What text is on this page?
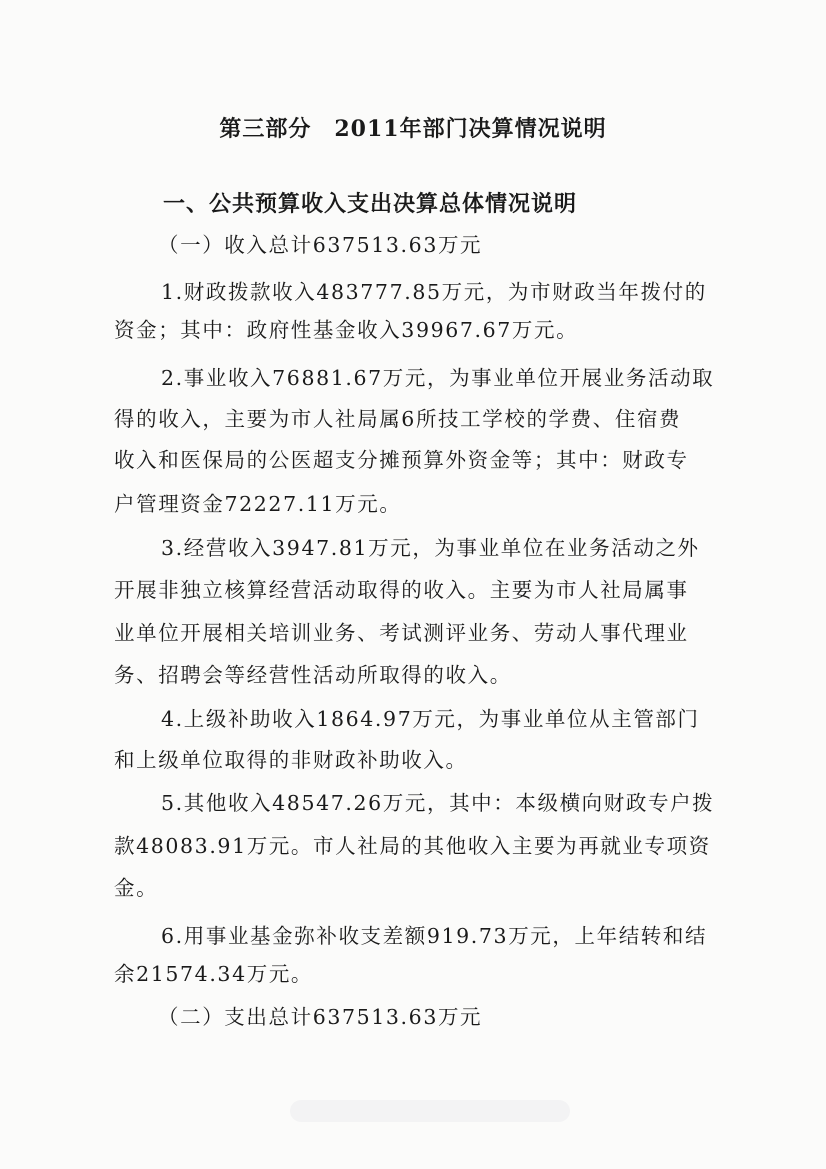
第三部分　2011年部门决算情况说明
一、公共预算收入支出决算总体情况说明
（一）收入总计637513.63万元
1.财政拨款收入483777.85万元，为市财政当年拨付的
资金；其中：政府性基金收入39967.67万元。
2.事业收入76881.67万元，为事业单位开展业务活动取
得的收入，主要为市人社局属6所技工学校的学费、住宿费
收入和医保局的公医超支分摊预算外资金等；其中：财政专
户管理资金72227.11万元。
3.经营收入3947.81万元，为事业单位在业务活动之外
开展非独立核算经营活动取得的收入。主要为市人社局属事
业单位开展相关培训业务、考试测评业务、劳动人事代理业
务、招聘会等经营性活动所取得的收入。
4.上级补助收入1864.97万元，为事业单位从主管部门
和上级单位取得的非财政补助收入。
5.其他收入48547.26万元，其中：本级横向财政专户拨
款48083.91万元。市人社局的其他收入主要为再就业专项资
金。
6.用事业基金弥补收支差额919.73万元，上年结转和结
余21574.34万元。
（二）支出总计637513.63万元
